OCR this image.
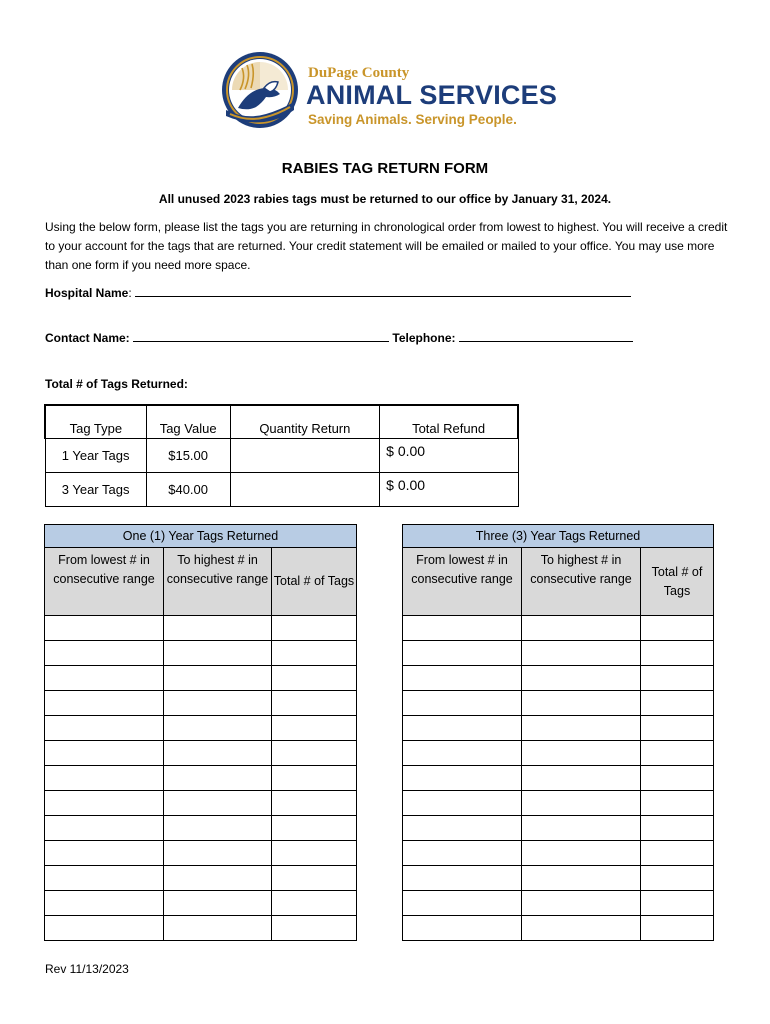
DuPage County
ANIMAL SERVICES
Saving Animals. Serving People.
RABIES TAG RETURN FORM
All unused 2023 rabies tags must be returned to our office by January 31, 2024.
Using the below form, please list the tags you are returning in chronological order from lowest to highest. You will receive a credit to your account for the tags that are returned. Your credit statement will be emailed or mailed to your office. You may use more than one form if you need more space.
Hospital Name:
Contact Name:	Telephone:
Total # of Tags Returned:
Tag Type	Tag Value	Quantity Return	Total Refund
1 Year Tags	$15.00		$ 0.00
3 Year Tags	$40.00		$ 0.00
One (1) Year Tags Returned		
From lowest # in consecutive range	To highest # in consecutive range	Total # of Tags

Three (3) Year Tags Returned		
From lowest # in consecutive range	To highest # in consecutive range	Total # of Tags

Rev 11/13/2023
